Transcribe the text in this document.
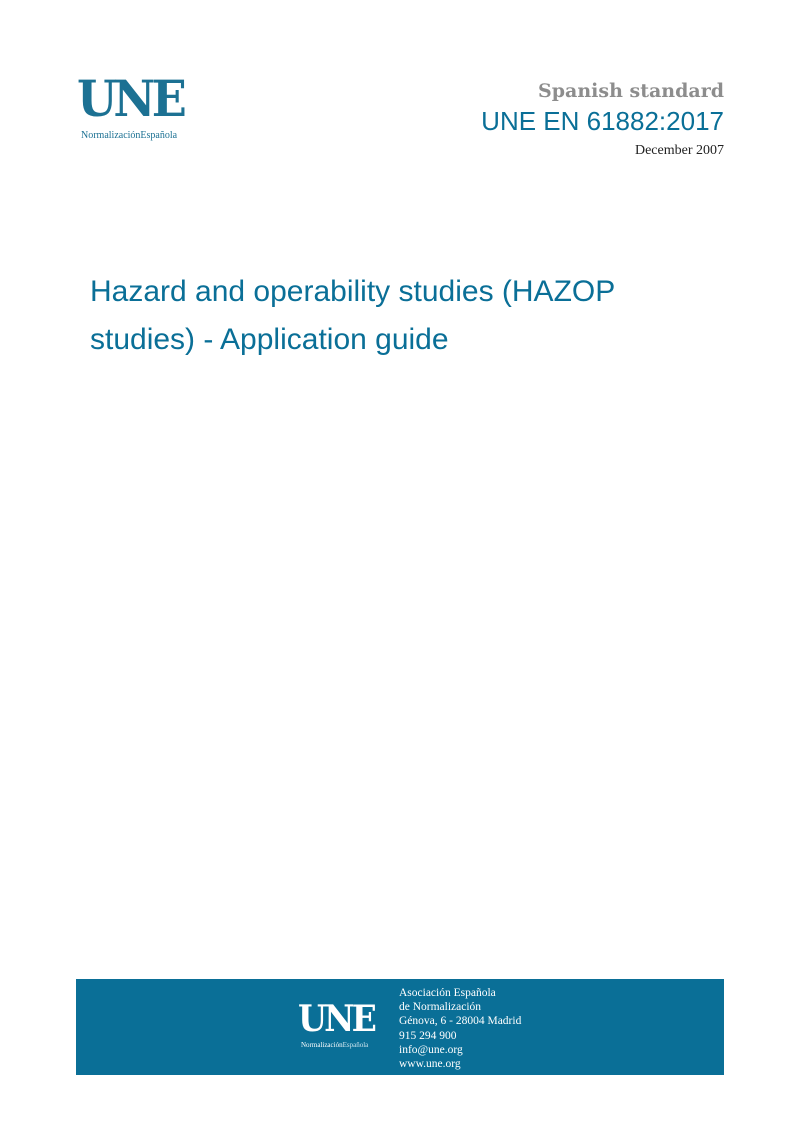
UNE
NormalizaciónEspañola
Spanish standard
UNE EN 61882:2017
December 2007
Hazard and operability studies (HAZOP
studies) - Application guide
UNE
NormalizaciónEspañola
Asociación Española
de Normalización
Génova, 6 - 28004 Madrid
915 294 900
info@une.org
www.une.org
